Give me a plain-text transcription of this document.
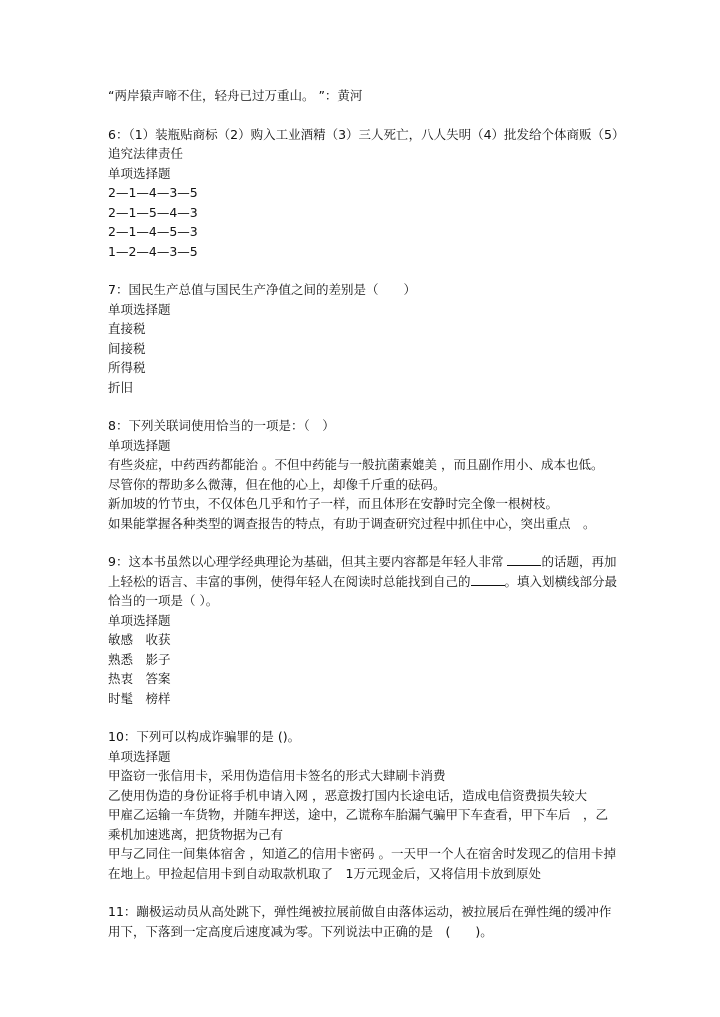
“两岸猿声啼不住，轻舟已过万重山。 ”：黄河
6：（1）装瓶贴商标（2）购入工业酒精（3）三人死亡，八人失明（4）批发给个体商贩（5）追究法律责任
单项选择题
2—1—4—3—5
2—1—5—4—3
2—1—4—5—3
1—2—4—3—5
7：国民生产总值与国民生产净值之间的差别是（　　）
单项选择题
直接税
间接税
所得税
折旧
8：下列关联词使用恰当的一项是：（　）
单项选择题
有些炎症，中药西药都能治 。不但中药能与一般抗菌素媲美 ，而且副作用小、成本也低。
尽管你的帮助多么微薄，但在他的心上，却像千斤重的砝码。
新加坡的竹节虫，不仅体色几乎和竹子一样，而且体形在安静时完全像一根树枝。
如果能掌握各种类型的调查报告的特点，有助于调查研究过程中抓住中心，突出重点　。
9：这本书虽然以心理学经典理论为基础，但其主要内容都是年轻人非常	的话题，再加上轻松的语言、丰富的事例，使得年轻人在阅读时总能找到自己的	。填入划横线部分最恰当的一项是（ ）。
单项选择题
敏感　收获
熟悉　影子
热衷　答案
时髦　榜样
10：下列可以构成诈骗罪的是 ()。
单项选择题
甲盗窃一张信用卡，采用伪造信用卡签名的形式大肆刷卡消费
乙使用伪造的身份证将手机申请入网 ，恶意拨打国内长途电话，造成电信资费损失较大
甲雇乙运输一车货物，并随车押送，途中，乙谎称车胎漏气骗甲下车查看，甲下车后　，乙乘机加速逃离，把货物据为己有
甲与乙同住一间集体宿舍 ，知道乙的信用卡密码 。一天甲一个人在宿舍时发现乙的信用卡掉在地上。甲捡起信用卡到自动取款机取了　1万元现金后，又将信用卡放到原处
11：蹦极运动员从高处跳下，弹性绳被拉展前做自由落体运动，被拉展后在弹性绳的缓冲作用下，下落到一定高度后速度减为零。下列说法中正确的是　(　　)。
